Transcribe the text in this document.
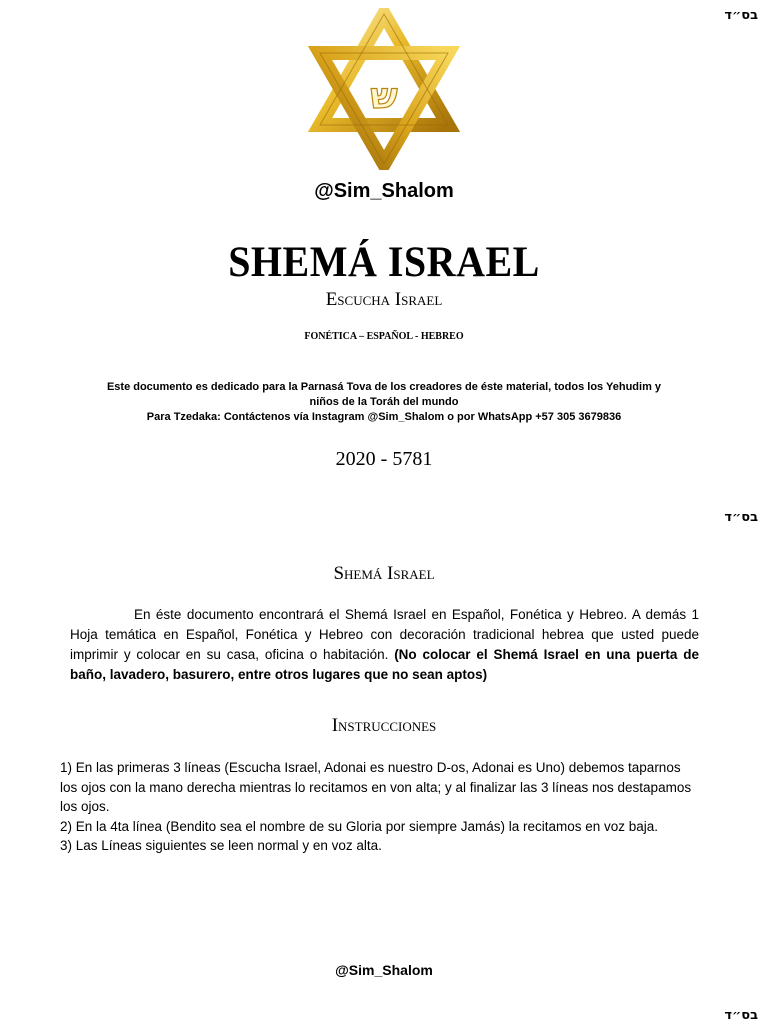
בס״ד
ש
@Sim_Shalom
SHEMÁ ISRAEL
Escucha Israel
FONÉTICA – ESPAÑOL - HEBREO
Este documento es dedicado para la Parnasá Tova de los creadores de éste material, todos los Yehudim y
niños de la Toráh del mundo
Para Tzedaka: Contáctenos vía Instagram @Sim_Shalom o por WhatsApp +57 305 3679836
2020 - 5781
בס״ד
Shemá Israel
En éste documento encontrará el Shemá Israel en Español, Fonética y Hebreo. A demás 1 Hoja temática en Español, Fonética y Hebreo con decoración tradicional hebrea que usted puede imprimir y colocar en su casa, oficina o habitación. (No colocar el Shemá Israel en una puerta de baño, lavadero, basurero, entre otros lugares que no sean aptos)
Instrucciones
1) En las primeras 3 líneas (Escucha Israel, Adonai es nuestro D-os, Adonai es Uno) debemos taparnos los ojos con la mano derecha mientras lo recitamos en von alta; y al finalizar las 3 líneas nos destapamos los ojos.
2) En la 4ta línea (Bendito sea el nombre de su Gloria por siempre Jamás) la recitamos en voz baja.
3) Las Líneas siguientes se leen normal y en voz alta.
@Sim_Shalom
בס״ד
